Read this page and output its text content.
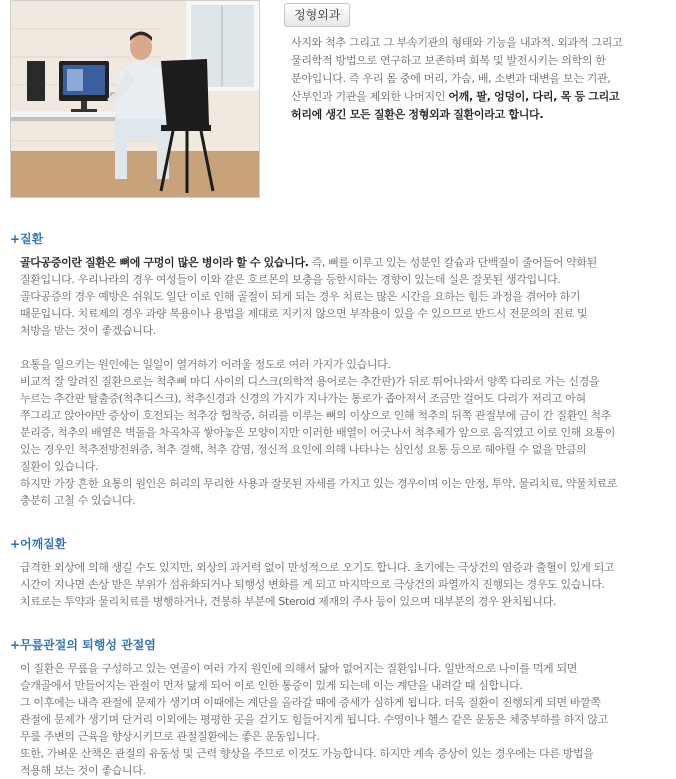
정형외과

사지와 척추 그리고 그 부속기관의 형태와 기능을 내과적. 외과적 그리고

물리학적 방법으로 연구하고 보존하며 회복 및 발전시키는 의학의 한

분야입니다. 즉 우리 몸 중에 머리, 가슴, 배, 소변과 대변을 보는 기관,

산부인과 기관을 제외한 나머지인 어깨, 팔, 엉덩이, 다리, 목 등 그리고

허리에 생긴 모든 질환은 정형외과 질환이라고 합니다.

+질환

골다공증이란 질환은 뼈에 구멍이 많은 병이라 할 수 있습니다. 즉, 뼈를 이루고 있는 성분인 칼슘과 단백질이 줄어들어 약화된

질환입니다. 우리나라의 경우 여성들이 이와 같은 호르몬의 보충을 등한시하는 경향이 있는데 실은 잘못된 생각입니다.

골다공증의 경우 예방은 쉬워도 일단 이로 인해 골절이 되게 되는 경우 치료는 많은 시간을 요하는 힘든 과정을 겪어야 하기

때문입니다. 치료제의 경우 과량 복용이나 용법을 제대로 지키지 않으면 부작용이 있을 수 있으므로 반드시 전문의의 진료 및

처방을 받는 것이 좋겠습니다.

요통을 일으키는 원인에는 일일이 열거하기 어려울 정도로 여러 가지가 있습니다.

비교적 잘 알려진 질환으로는 척추뼈 마디 사이의 디스크(의학적 용어로는 추간판)가 뒤로 튀어나와서 양쪽 다리로 가는 신경을

누르는 추간판 탈출증(척추디스크), 척추신경과 신경의 가지가 지나가는 통로가 좁아져서 조금만 걸어도 다리가 저리고 아혀

쭈그리고 앉아야만 증상이 호전되는 척추강 협착증, 허리를 이루는 뼈의 이상으로 인해 척추의 뒤쪽 관절부에 금이 간 질환인 척추

분리증, 척추의 배열은 벽돌을 차곡차곡 쌓아놓은 모양이지만 이러한 배열이 어긋나서 척추체가 앞으로 움직였고 이로 인해 요통이

있는 경우인 척추전방전위증, 척추 결핵, 척추 감염, 정신적 요인에 의해 나타나는 심인성 요통 등으로 헤아릴 수 없을 만큼의

질환이 있습니다.

하지만 가장 흔한 요통의 원인은 허리의 무리한 사용과 잘못된 자세를 가지고 있는 경우이며 이는 안정, 투약, 물리치료, 약물치료로

충분히 고칠 수 있습니다.

+어깨질환

급격한 외상에 의해 생길 수도 있지만, 외상의 과거력 없이 만성적으로 오기도 합니다. 초기에는 극상건의 염증과 출혈이 있게 되고

시간이 지나면 손상 받은 부위가 섬유화되거나 퇴행성 변화를 게 되고 마지막으로 극상건의 파열까지 진행되는 경우도 있습니다.

치료로는 투약과 물리치료를 병행하거나, 견봉하 부분에 Steroid 제재의 주사 등이 있으며 대부분의 경우 완치됩니다.

+무릎관절의 퇴행성 관절염

이 질환은 무릎을 구성하고 있는 연골이 여러 가지 원인에 의해서 닳아 없어지는 질환입니다. 일반적으로 나이를 먹게 되면

슬개골에서 만들어지는 관절이 먼저 닳게 되어 이로 인한 통증이 있게 되는데 이는 계단을 내려갈 때 심합니다.

그 이후에는 내측 관절에 문제가 생기며 이때에는 계단을 올라갈 때에 증세가 심하게 됩니다. 더욱 질환이 진행되게 되면 바깥쪽

관절에 문제가 생기며 단거리 이외에는 평평한 곳을 걷기도 힘들어지게 됩니다. 수영이나 헬스 같은 운동은 체중부하를 하지 않고

무릎 주변의 근육을 향상시키므로 관절질환에는 좋은 운동입니다.

또한, 가벼운 산책은 관절의 유동성 및 근력 향상을 주므로 이것도 가능합니다. 하지만 계속 증상이 있는 경우에는 다른 방법을

적용해 보는 것이 좋습니다.
